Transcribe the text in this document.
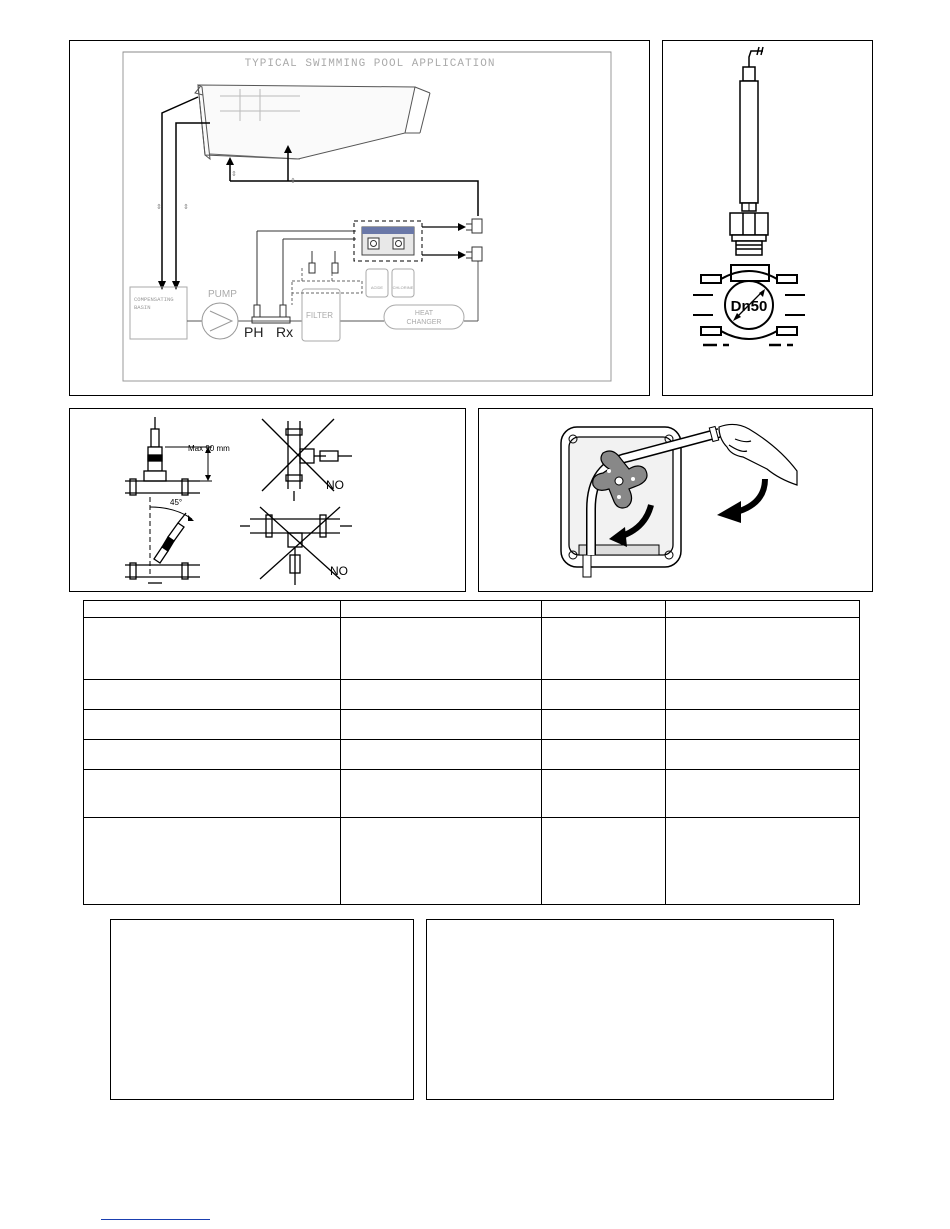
TYPICAL SWIMMING POOL APPLICATION
⇕	⇕
⇕
⇕
COMPENSATING
BASIN
PUMP
PH Rx
FILTER	HEAT
CHANGER
ACIDE CHLORINE
Dn50
Max 90 mm
45°
NO
NO
